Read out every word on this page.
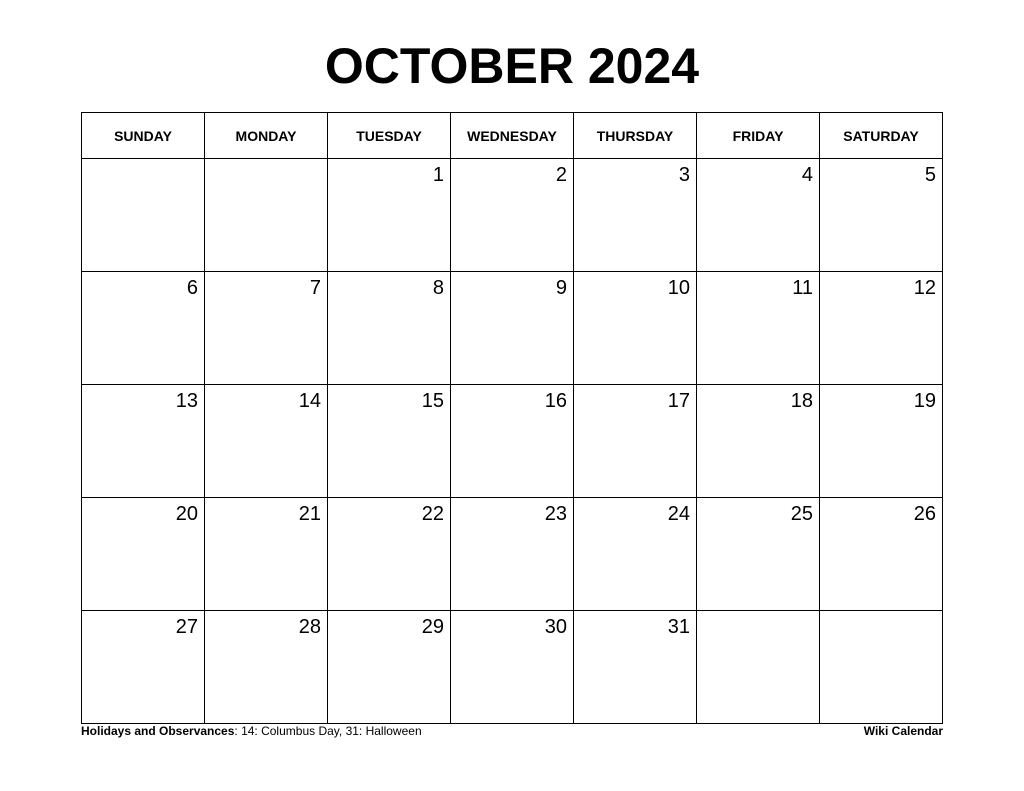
OCTOBER 2024
SUNDAY	MONDAY	TUESDAY	WEDNESDAY	THURSDAY	FRIDAY	SATURDAY

		1	2	3	4	5

6	7	8	9	10	11	12

13	14	15	16	17	18	19

20	21	22	23	24	25	26

27	28	29	30	31		

Holidays and Observances: 14: Columbus Day, 31: Halloween	Wiki Calendar
